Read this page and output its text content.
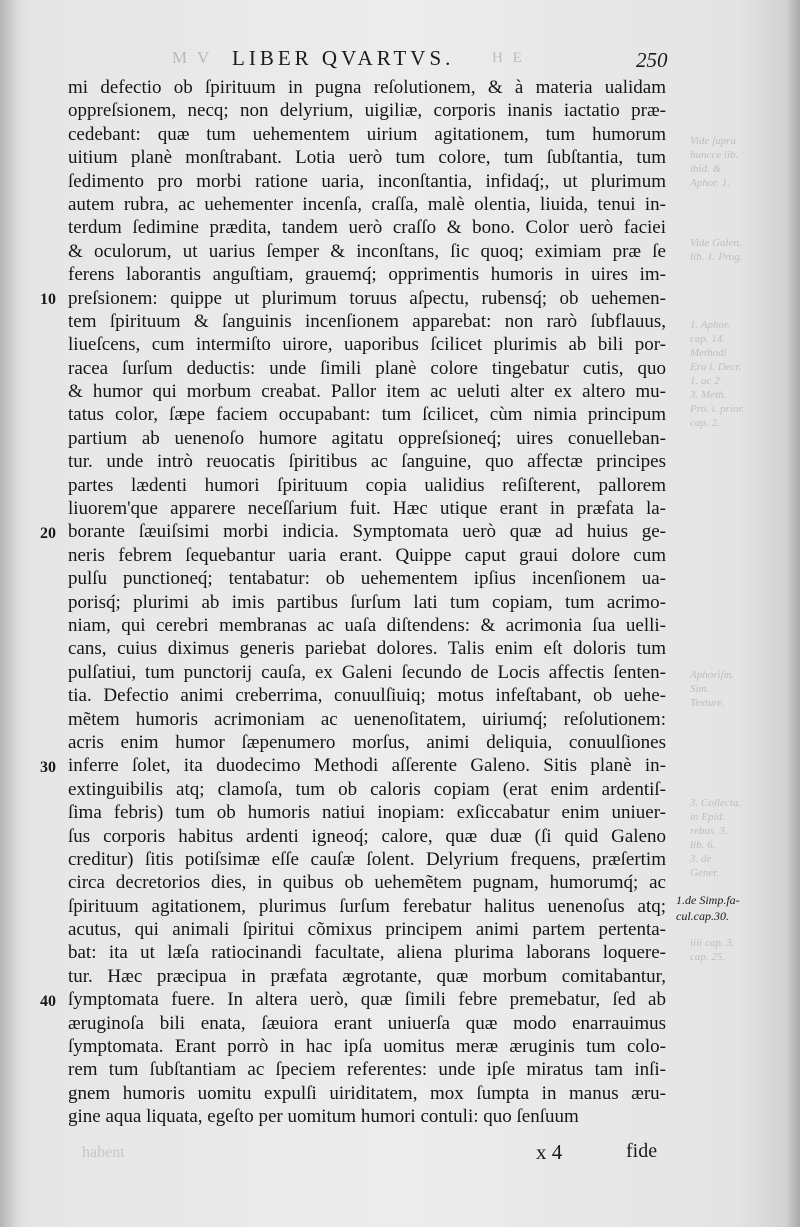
M V LIBER QVARTVS.	H E	250
Vide ſupra
huncce lib.
ibid. &
Aphor. 1.
Vide Galen.
lib. 1. Prog.
1. Aphor.
cap. 14.
Methodi
Era i. Decr.
1. ac 2
3. Meth.
Pro. i. prior.
cap. 2.
Aphoriſm.
Sim.
Texture.
3. Collecta.
in Epid.
rebus. 3.
lib. 6.
3. de
Gener.
iiii cap. 3.
cap. 25.
1.de Simp.fa-
cul.cap.30.
10
20
30
40
mi defectio ob ſpirituum in pugna reſolutionem, & à materia ualidam
oppreſsionem, necq; non delyrium, uigiliæ, corporis inanis iactatio præ-
cedebant: quæ tum uehementem uirium agitationem, tum humorum
uitium planè monſtrabant. Lotia uerò tum colore, tum ſubſtantia, tum
ſedimento pro morbi ratione uaria, inconſtantia, infidaq́;, ut plurimum
autem rubra, ac uehementer incenſa, craſſa, malè olentia, liuida, tenui in-
terdum ſedimine prædita, tandem uerò craſſo & bono. Color uerò faciei
& oculorum, ut uarius ſemper & inconſtans, ſic quoq; eximiam præ ſe
ferens laborantis anguſtiam, grauemq́; opprimentis humoris in uires im-
preſsionem: quippe ut plurimum toruus aſpectu, rubensq́; ob uehemen-
tem ſpirituum & ſanguinis incenſionem apparebat: non rarò ſubflauus,
liueſcens, cum intermiſto uirore, uaporibus ſcilicet plurimis ab bili por-
racea ſurſum deductis: unde ſimili planè colore tingebatur cutis, quo
& humor qui morbum creabat. Pallor item ac ueluti alter ex altero mu-
tatus color, ſæpe faciem occupabant: tum ſcilicet, cùm nimia principum
partium ab uenenoſo humore agitatu oppreſsioneq́; uires conuelleban-
tur. unde intrò reuocatis ſpiritibus ac ſanguine, quo affectæ principes
partes lædenti humori ſpirituum copia ualidius reſiſterent, pallorem
liuorem'que apparere neceſſarium fuit. Hæc utique erant in præfata la-
borante ſæuiſsimi morbi indicia. Symptomata uerò quæ ad huius ge-
neris febrem ſequebantur uaria erant. Quippe caput graui dolore cum
pulſu punctioneq́; tentabatur: ob uehementem ipſius incenſionem ua-
porisq́; plurimi ab imis partibus ſurſum lati tum copiam, tum acrimo-
niam, qui cerebri membranas ac uaſa diſtendens: & acrimonia ſua uelli-
cans, cuius diximus generis pariebat dolores. Talis enim eſt doloris tum
pulſatiui, tum punctorij cauſa, ex Galeni ſecundo de Locis affectis ſenten-
tia. Defectio animi creberrima, conuulſiuiq; motus infeſtabant, ob uehe-
mẽtem humoris acrimoniam ac uenenoſitatem, uiriumq́; reſolutionem:
acris enim humor ſæpenumero morſus, animi deliquia, conuulſiones
inferre ſolet, ita duodecimo Methodi aſſerente Galeno. Sitis planè in-
extinguibilis atq; clamoſa, tum ob caloris copiam (erat enim ardentiſ-
ſima febris) tum ob humoris natiui inopiam: exſiccabatur enim uniuer-
ſus corporis habitus ardenti igneoq́; calore, quæ duæ (ſi quid Galeno
creditur) ſitis potiſsimæ eſſe cauſæ ſolent. Delyrium frequens, præſertim
circa decretorios dies, in quibus ob uehemẽtem pugnam, humorumq́; ac
ſpirituum agitationem, plurimus ſurſum ferebatur halitus uenenoſus atq;
acutus, qui animali ſpiritui cõmixus principem animi partem pertenta-
bat: ita ut læſa ratiocinandi facultate, aliena plurima laborans loquere-
tur. Hæc præcipua in præfata ægrotante, quæ morbum comitabantur,
ſymptomata fuere. In altera uerò, quæ ſimili febre premebatur, ſed ab
æruginoſa bili enata, ſæuiora erant uniuerſa quæ modo enarrauimus
ſymptomata. Erant porrò in hac ipſa uomitus meræ æruginis tum colo-
rem tum ſubſtantiam ac ſpeciem referentes: unde ipſe miratus tam inſi-
gnem humoris uomitu expulſi uiriditatem, mox ſumpta in manus æru-
gine aqua liquata, egeſto per uomitum humori contuli: quo ſenſuum
habent	x 4	fide
